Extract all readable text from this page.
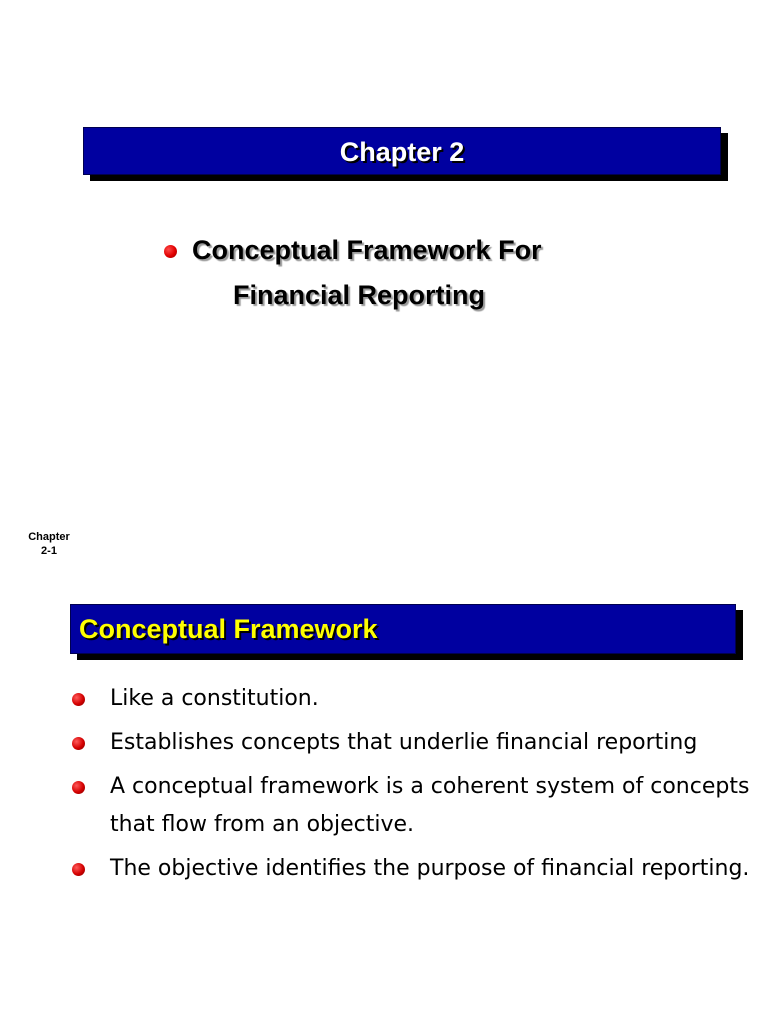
Chapter 2
Conceptual Framework For
Financial Reporting
Chapter
2-1
Conceptual Framework
Like a constitution.
Establishes concepts that underlie financial reporting
A conceptual framework is a coherent system of concepts that flow from an objective.
The objective identifies the purpose of financial reporting.
